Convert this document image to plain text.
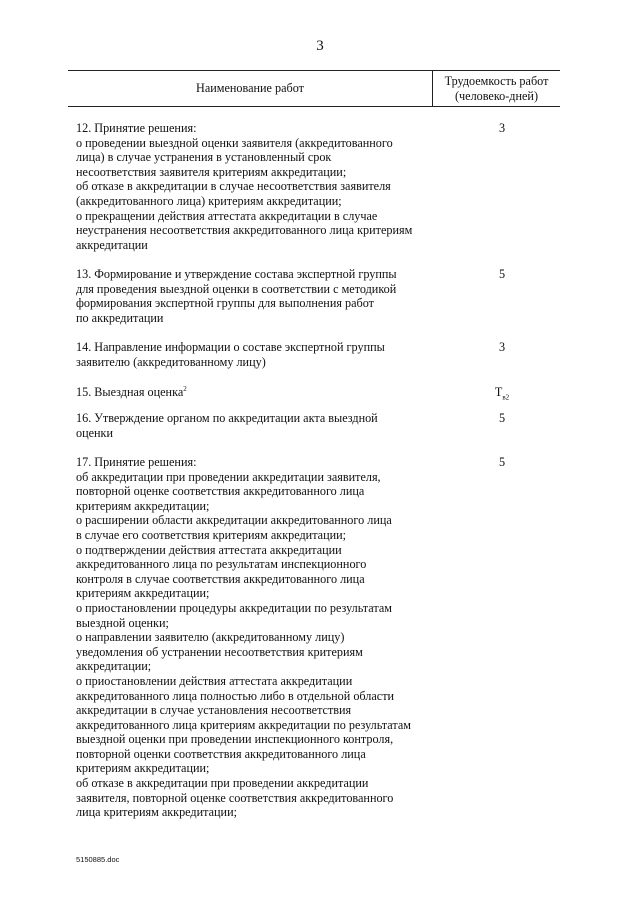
3
Наименование работ	Трудоемкость работ
(человеко-дней)
12. Принятие решения:
о проведении выездной оценки заявителя (аккредитованного
лица) в случае устранения в установленный срок
несоответствия заявителя критериям аккредитации;
об отказе в аккредитации в случае несоответствия заявителя
(аккредитованного лица) критериям аккредитации;
о прекращении действия аттестата аккредитации в случае
неустранения несоответствия аккредитованного лица критериям
аккредитации
3
13. Формирование и утверждение состава экспертной группы
для проведения выездной оценки в соответствии с методикой
формирования экспертной группы для выполнения работ
по аккредитации
5
14. Направление информации о составе экспертной группы
заявителю (аккредитованному лицу)
3
15. Выездная оценка$^2$	$Т_{в2}$
16. Утверждение органом по аккредитации акта выездной
оценки
5
17. Принятие решения:
об аккредитации при проведении аккредитации заявителя,
повторной оценке соответствия аккредитованного лица
критериям аккредитации;
о расширении области аккредитации аккредитованного лица
в случае его соответствия критериям аккредитации;
о подтверждении действия аттестата аккредитации
аккредитованного лица по результатам инспекционного
контроля в случае соответствия аккредитованного лица
критериям аккредитации;
о приостановлении процедуры аккредитации по результатам
выездной оценки;
о направлении заявителю (аккредитованному лицу)
уведомления об устранении несоответствия критериям
аккредитации;
о приостановлении действия аттестата аккредитации
аккредитованного лица полностью либо в отдельной области
аккредитации в случае установления несоответствия
аккредитованного лица критериям аккредитации по результатам
выездной оценки при проведении инспекционного контроля,
повторной оценки соответствия аккредитованного лица
критериям аккредитации;
об отказе в аккредитации при проведении аккредитации
заявителя, повторной оценке соответствия аккредитованного
лица критериям аккредитации;
5
5150885.doc
